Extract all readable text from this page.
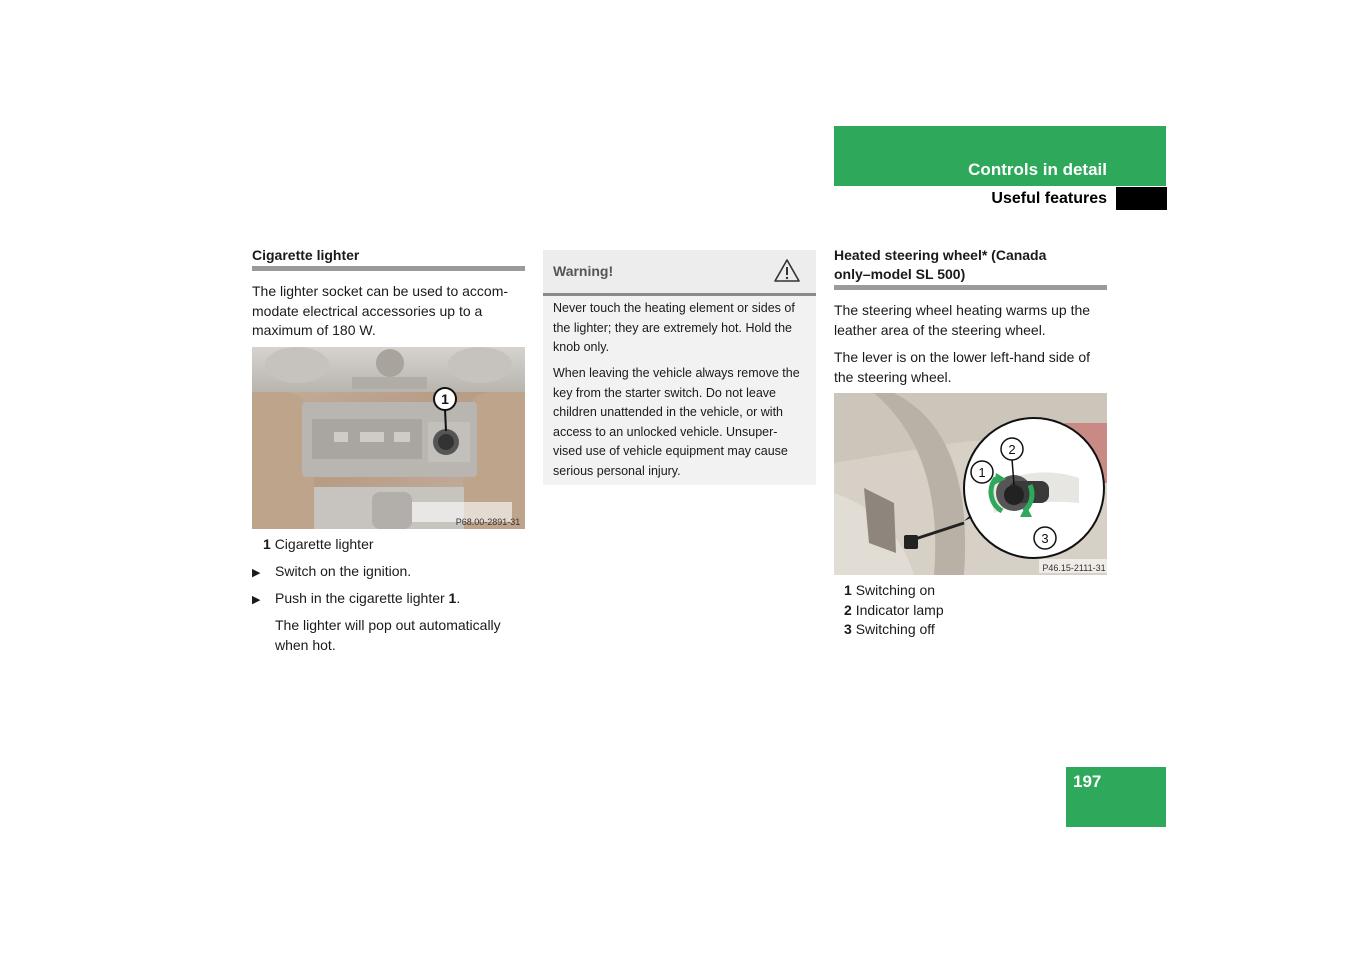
Controls in detail
Useful features
Cigarette lighter
The lighter socket can be used to accom-
modate electrical accessories up to a
maximum of 180 W.
1
P68.00-2891-31
1 Cigarette lighter
▶ Switch on the ignition.
▶ Push in the cigarette lighter 1.
The lighter will pop out automatically
when hot.
Warning!
Never touch the heating element or sides of
the lighter; they are extremely hot. Hold the
knob only.
When leaving the vehicle always remove the
key from the starter switch. Do not leave
children unattended in the vehicle, or with
access to an unlocked vehicle. Unsuper-
vised use of vehicle equipment may cause
serious personal injury.
Heated steering wheel* (Canada
only–model SL 500)
The steering wheel heating warms up the
leather area of the steering wheel.
The lever is on the lower left-hand side of
the steering wheel.
1
2
3
P46.15-2111-31
1 Switching on
2 Indicator lamp
3 Switching off
197
